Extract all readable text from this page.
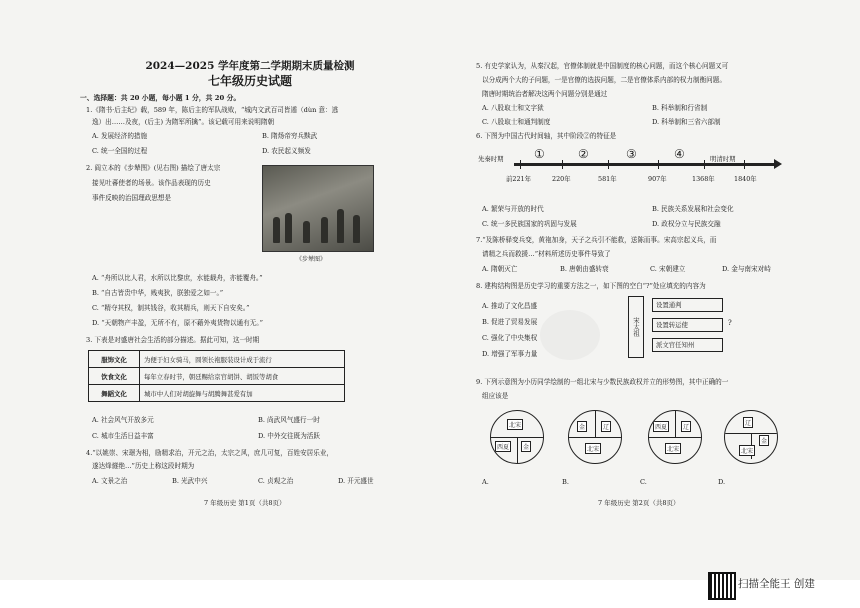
2024—2025 学年度第二学期期末质量检测
七年级历史试题
一、选择题：共 20 小题，每小题 1 分，共 20 分。
1.《隋书·后主纪》载，589 年，陈后主的军队战败，“城内文武百司皆遁（dùn 意：逃
逸）出……及夜，(后主) 为隋军所擒”。该记载可用来说明隋朝
A. 发展经济的措施	B. 隋炀帝穷兵黩武
C. 统一全国的过程	D. 农民起义频发
2. 阎立本的《步辇图》(见右图) 描绘了唐太宗
接见吐蕃使者的场景。该作品表现的历史
事件反映的治国理政思想是
《步辇图》
A. “舟所以比人君，水所以比黎庶，水能载舟，亦能覆舟。”
B. “自古皆贵中华，贱夷狄，朕独爱之如一。”
C. “精夺其权，制其钱谷，收其精兵，则天下自安矣。”
D. “天朝物产丰盈，无所不有，原不藉外夷货物以通有无。”
3. 下表是对盛唐社会生活的部分描述。据此可知，这一时期
服饰文化	为便于妇女骑马，圆领长袍服装设计成于流行
饮食文化	每年立春时节，朝廷赐给京官胡饼、胡饭等胡食
舞蹈文化	城市中人们对胡旋舞与胡腾舞甚爱有加
A. 社会风气开放多元	B. 尚武风气盛行一时
C. 城市生活日益丰富	D. 中外交往既为活跃
4.“以姚崇、宋璟为相，励精求治，开元之治，太宗之风，庶几可复，百姓安居乐业，
遂达烽燧绝…”历史上称这段时期为
A. 文景之治	B. 光武中兴	C. 贞观之治	D. 开元盛世
7 年级历史 第1页（共8页）
5. 有史学家认为，从秦汉起，官僚体制就是中国制度的核心问题，而这个核心问题又可
以分成两个大的子问题，一是官僚的选拔问题，二是官僚体系内部的权力制衡问题。
隋唐时期统治者解决这两个问题分别是通过
A. 八股取士和文字狱	B. 科举制和行省制
C. 八股取士和通判制度	D. 科举制和三省六部制
6. 下图为中国古代时间轴，其中阶段②的特征是
先秦时期	明清时期
①	②	③	④
前221年	220年	581年	907年	1368年	1840年
A. 繁荣与开放的时代	B. 民族关系发展和社会变化
C. 统一多民族国家的巩固与发展	D. 政权分立与民族交融
7.“及陈桥驿变兵变，黄袍加身，天子之兵引不能救，送陈而事。宋高宗起义兵，而
请精之兵而救援…”材料所述历史事件导致了
A. 隋朝灭亡	B. 唐朝由盛转衰	C. 宋朝建立	D. 金与南宋对峙
8. 建构结构图是历史学习的重要方法之一，如下图的空白“?”处应填充的内容为
A. 推动了文化昌盛
B. 促进了贸易发展
C. 强化了中央集权
D. 增强了军事力量
宋太祖
设置通判
设置转运使
派文官任知州
?
9. 下列示意图为小历同学绘制的一组北宋与少数民族政权并立的形势图，其中正确的一
组应该是
北宋
西夏	金
金	辽
北宋
西夏	辽
北宋
辽
金
北宋
A.	B.	C.	D.
7 年级历史 第2页（共8页）
扫描全能王 创建
